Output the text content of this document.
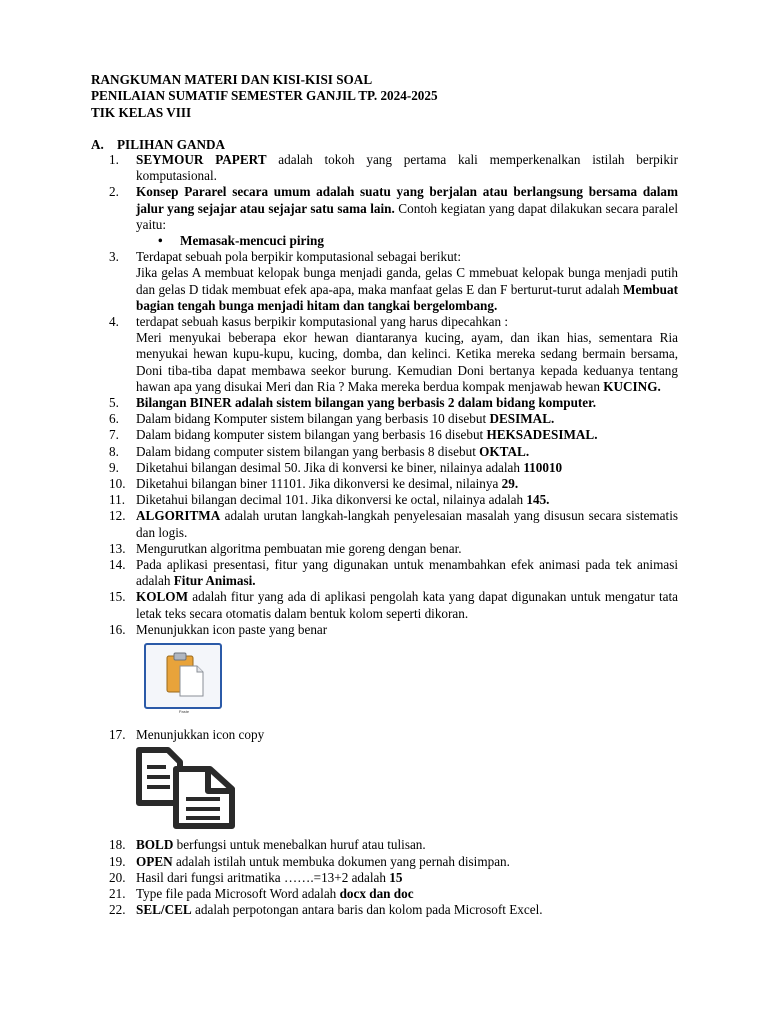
RANGKUMAN MATERI DAN KISI-KISI SOAL
PENILAIAN SUMATIF SEMESTER GANJIL TP. 2024-2025
TIK KELAS VIII
A. PILIHAN GANDA
1.	SEYMOUR PAPERT adalah tokoh yang pertama kali memperkenalkan istilah berpikir komputasional.
2.	Konsep Pararel secara umum adalah suatu yang berjalan atau berlangsung bersama dalam jalur yang sejajar atau sejajar satu sama lain. Contoh kegiatan yang dapat dilakukan secara paralel yaitu:
• Memasak-mencuci piring
3.	Terdapat sebuah pola berpikir komputasional sebagai berikut:
Jika gelas A membuat kelopak bunga menjadi ganda, gelas C mmebuat kelopak bunga menjadi putih dan gelas D tidak membuat efek apa-apa, maka manfaat gelas E dan F berturut-turut adalah Membuat bagian tengah bunga menjadi hitam dan tangkai bergelombang.
4.	terdapat sebuah kasus berpikir komputasional yang harus dipecahkan :
Meri menyukai beberapa ekor hewan diantaranya kucing, ayam, dan ikan hias, sementara Ria menyukai hewan kupu-kupu, kucing, domba, dan kelinci. Ketika mereka sedang bermain bersama, Doni tiba-tiba dapat membawa seekor burung. Kemudian Doni bertanya kepada keduanya tentang hawan apa yang disukai Meri dan Ria ? Maka mereka berdua kompak menjawab hewan KUCING.
5.	Bilangan BINER adalah sistem bilangan yang berbasis 2 dalam bidang komputer.
6.	Dalam bidang Komputer sistem bilangan yang berbasis 10 disebut DESIMAL.
7.	Dalam bidang komputer sistem bilangan yang berbasis 16 disebut HEKSADESIMAL.
8.	Dalam bidang computer sistem bilangan yang berbasis 8 disebut OKTAL.
9.	Diketahui bilangan desimal 50. Jika di konversi ke biner, nilainya adalah 110010
10. Diketahui bilangan biner 11101. Jika dikonversi ke desimal, nilainya 29.
11. Diketahui bilangan decimal 101. Jika dikonversi ke octal, nilainya adalah 145.
12. ALGORITMA adalah urutan langkah-langkah penyelesaian masalah yang disusun secara sistematis dan logis.
13. Mengurutkan algoritma pembuatan mie goreng dengan benar.
14. Pada aplikasi presentasi, fitur yang digunakan untuk menambahkan efek animasi pada tek animasi adalah Fitur Animasi.
15. KOLOM adalah fitur yang ada di aplikasi pengolah kata yang dapat digunakan untuk mengatur tata letak teks secara otomatis dalam bentuk kolom seperti dikoran.
16. Menunjukkan icon paste yang benar
Paste
17. Menunjukkan icon copy
18. BOLD berfungsi untuk menebalkan huruf atau tulisan.
19. OPEN adalah istilah untuk membuka dokumen yang pernah disimpan.
20. Hasil dari fungsi aritmatika …….=13+2 adalah 15
21. Type file pada Microsoft Word adalah docx dan doc
22. SEL/CEL adalah perpotongan antara baris dan kolom pada Microsoft Excel.
